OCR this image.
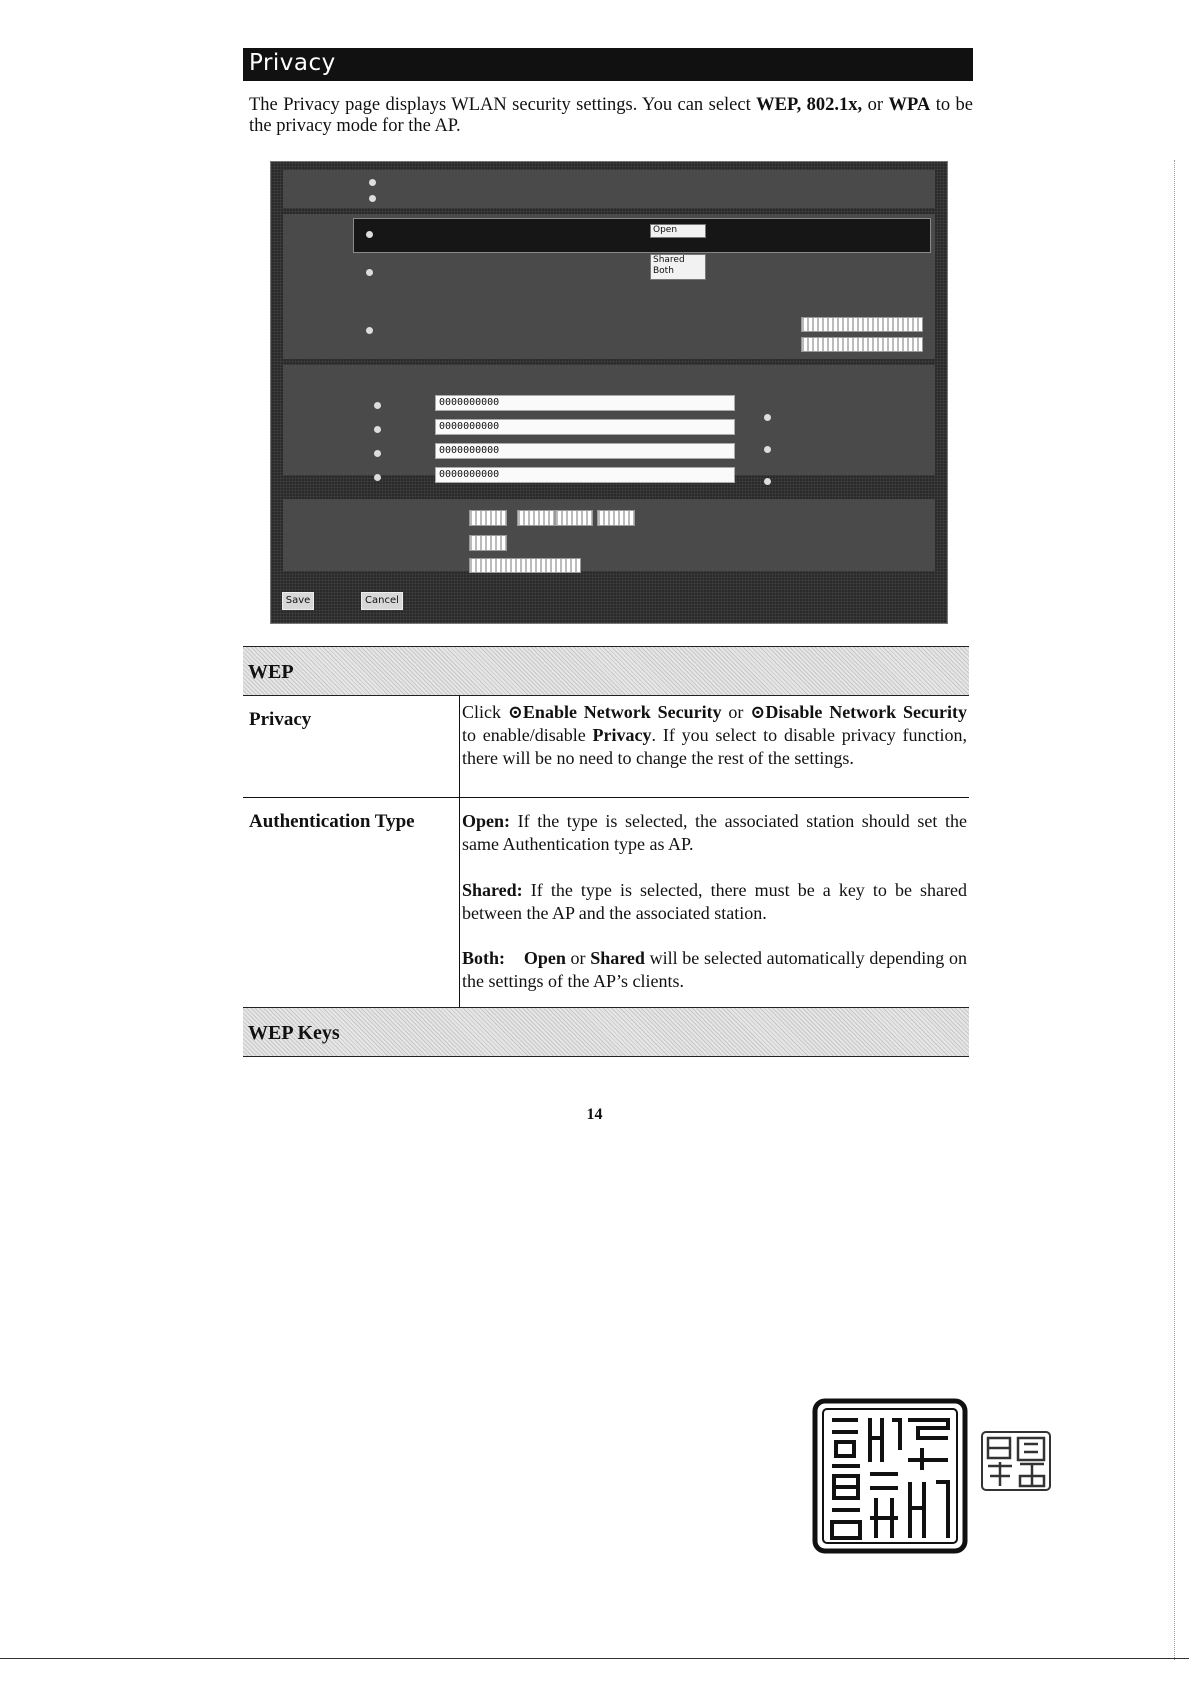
Privacy
The Privacy page displays WLAN security settings. You can select WEP, 802.1x, or WPA to be the privacy mode for the AP.
Open
Shared
Both
0000000000
0000000000
0000000000
0000000000
Save	Cancel
WEP
Privacy	Click ⊙Enable Network Security or ⊙Disable Network Security to enable/disable Privacy. If you select to disable privacy function, there will be no need to change the rest of the settings.
Authentication Type	Open: If the type is selected, the associated station should set the same Authentication type as AP.
Shared: If the type is selected, there must be a key to be shared between the AP and the associated station.
Both: Open or Shared will be selected automatically depending on the settings of the AP’s clients.
WEP Keys
14
